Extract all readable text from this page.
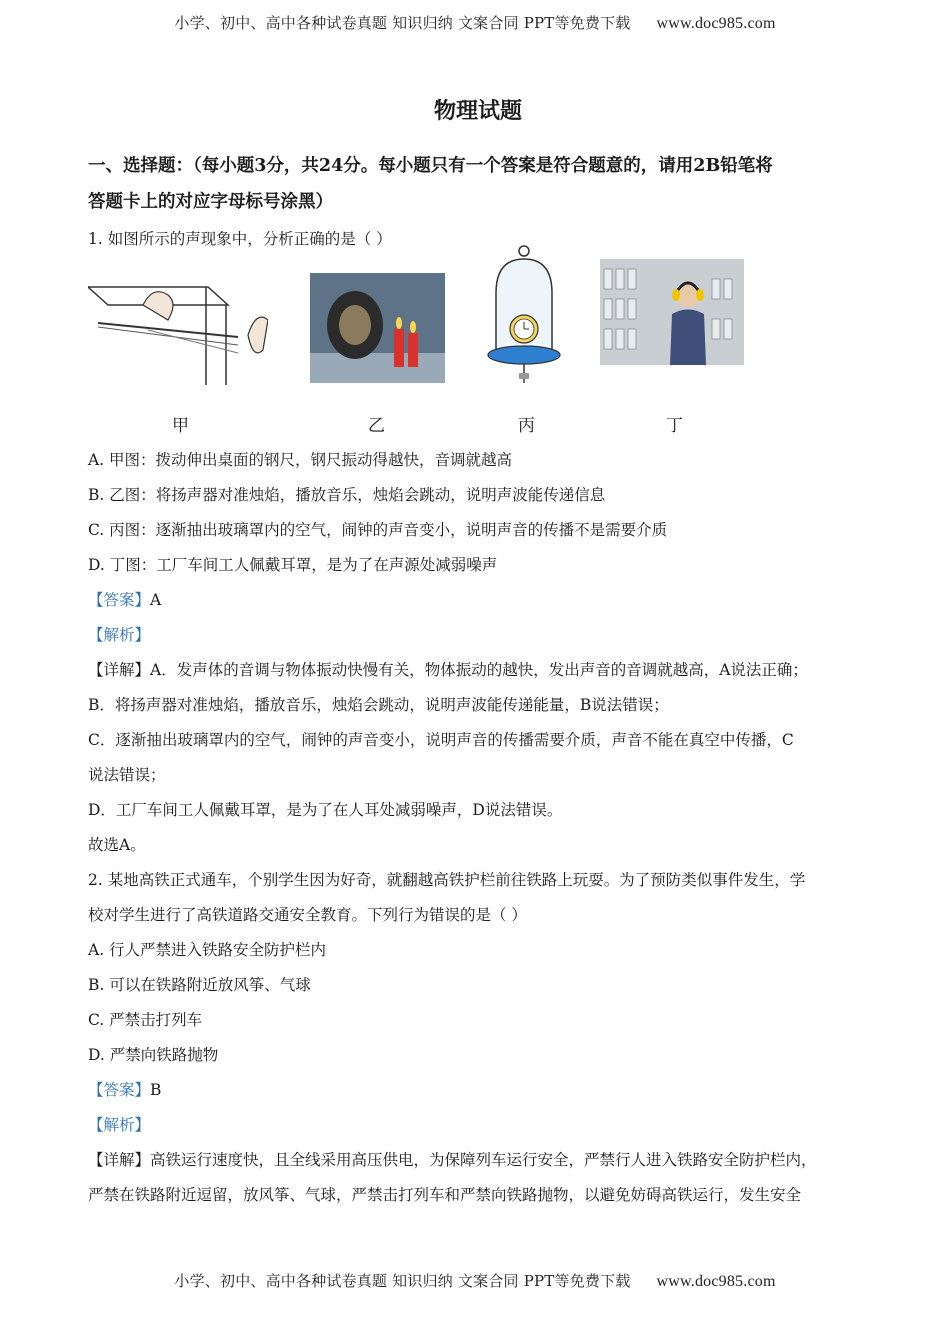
小学、初中、高中各种试卷真题 知识归纳 文案合同 PPT等免费下载 www.doc985.com
物理试题
一、选择题：（每小题3分，共24分。每小题只有一个答案是符合题意的，请用2B铅笔将
答题卡上的对应字母标号涂黑）
1. 如图所示的声现象中，分析正确的是（ ）
甲	乙	丙	丁
A. 甲图：拨动伸出桌面的钢尺，钢尺振动得越快，音调就越高
B. 乙图：将扬声器对准烛焰，播放音乐，烛焰会跳动，说明声波能传递信息
C. 丙图：逐渐抽出玻璃罩内的空气，闹钟的声音变小，说明声音的传播不是需要介质
D. 丁图：工厂车间工人佩戴耳罩，是为了在声源处减弱噪声
【答案】A
【解析】
【详解】A．发声体的音调与物体振动快慢有关，物体振动的越快，发出声音的音调就越高，A说法正确；
B．将扬声器对准烛焰，播放音乐，烛焰会跳动，说明声波能传递能量，B说法错误；
C．逐渐抽出玻璃罩内的空气，闹钟的声音变小，说明声音的传播需要介质，声音不能在真空中传播，C
说法错误；
D．工厂车间工人佩戴耳罩，是为了在人耳处减弱噪声，D说法错误。
故选A。
2. 某地高铁正式通车，个别学生因为好奇，就翻越高铁护栏前往铁路上玩耍。为了预防类似事件发生，学
校对学生进行了高铁道路交通安全教育。下列行为错误的是（ ）
A. 行人严禁进入铁路安全防护栏内
B. 可以在铁路附近放风筝、气球
C. 严禁击打列车
D. 严禁向铁路抛物
【答案】B
【解析】
【详解】高铁运行速度快，且全线采用高压供电，为保障列车运行安全，严禁行人进入铁路安全防护栏内，
严禁在铁路附近逗留，放风筝、气球，严禁击打列车和严禁向铁路抛物，以避免妨碍高铁运行，发生安全
小学、初中、高中各种试卷真题 知识归纳 文案合同 PPT等免费下载 www.doc985.com
